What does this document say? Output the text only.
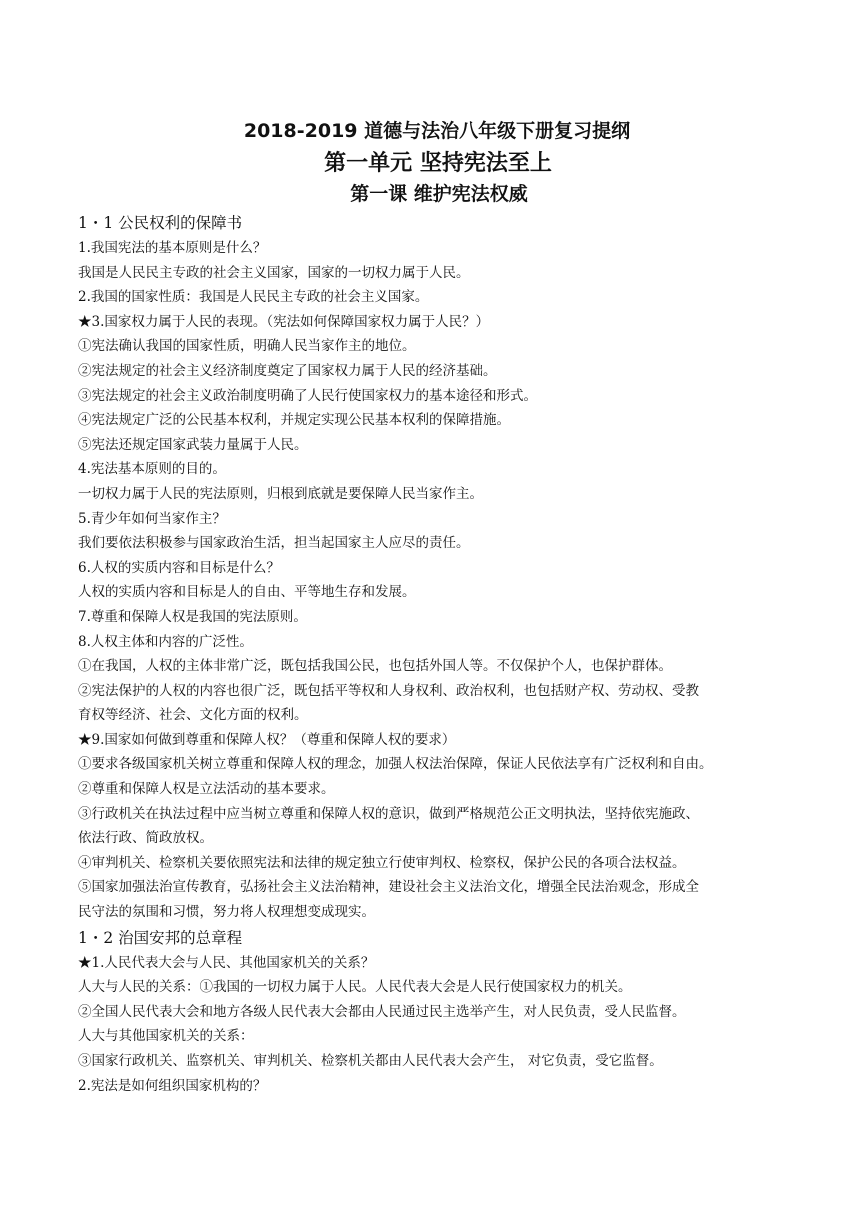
2018-2019 道德与法治八年级下册复习提纲
第一单元 坚持宪法至上
第一课 维护宪法权威

1・1 公民权利的保障书

1.我国宪法的基本原则是什么？

我国是人民民主专政的社会主义国家，国家的一切权力属于人民。

2.我国的国家性质：我国是人民民主专政的社会主义国家。

★3.国家权力属于人民的表现。（宪法如何保障国家权力属于人民？）

①宪法确认我国的国家性质，明确人民当家作主的地位。

②宪法规定的社会主义经济制度奠定了国家权力属于人民的经济基础。

③宪法规定的社会主义政治制度明确了人民行使国家权力的基本途径和形式。

④宪法规定广泛的公民基本权利，并规定实现公民基本权利的保障措施。

⑤宪法还规定国家武装力量属于人民。

4.宪法基本原则的目的。

一切权力属于人民的宪法原则，归根到底就是要保障人民当家作主。

5.青少年如何当家作主？

我们要依法积极参与国家政治生活，担当起国家主人应尽的责任。

6.人权的实质内容和目标是什么？

人权的实质内容和目标是人的自由、平等地生存和发展。

7.尊重和保障人权是我国的宪法原则。

8.人权主体和内容的广泛性。

①在我国，人权的主体非常广泛，既包括我国公民，也包括外国人等。不仅保护个人，也保护群体。

②宪法保护的人权的内容也很广泛，既包括平等权和人身权利、政治权利，也包括财产权、劳动权、受教

育权等经济、社会、文化方面的权利。

★9.国家如何做到尊重和保障人权？（尊重和保障人权的要求）

①要求各级国家机关树立尊重和保障人权的理念，加强人权法治保障，保证人民依法享有广泛权利和自由。

②尊重和保障人权是立法活动的基本要求。

③行政机关在执法过程中应当树立尊重和保障人权的意识，做到严格规范公正文明执法，坚持依宪施政、

依法行政、简政放权。

④审判机关、检察机关要依照宪法和法律的规定独立行使审判权、检察权，保护公民的各项合法权益。

⑤国家加强法治宣传教育，弘扬社会主义法治精神，建设社会主义法治文化，增强全民法治观念，形成全

民守法的氛围和习惯，努力将人权理想变成现实。

1・2 治国安邦的总章程

★1.人民代表大会与人民、其他国家机关的关系？

人大与人民的关系：①我国的一切权力属于人民。人民代表大会是人民行使国家权力的机关。

②全国人民代表大会和地方各级人民代表大会都由人民通过民主选举产生，对人民负责，受人民监督。

人大与其他国家机关的关系：

③国家行政机关、监察机关、审判机关、检察机关都由人民代表大会产生， 对它负责，受它监督。

2.宪法是如何组织国家机构的？
